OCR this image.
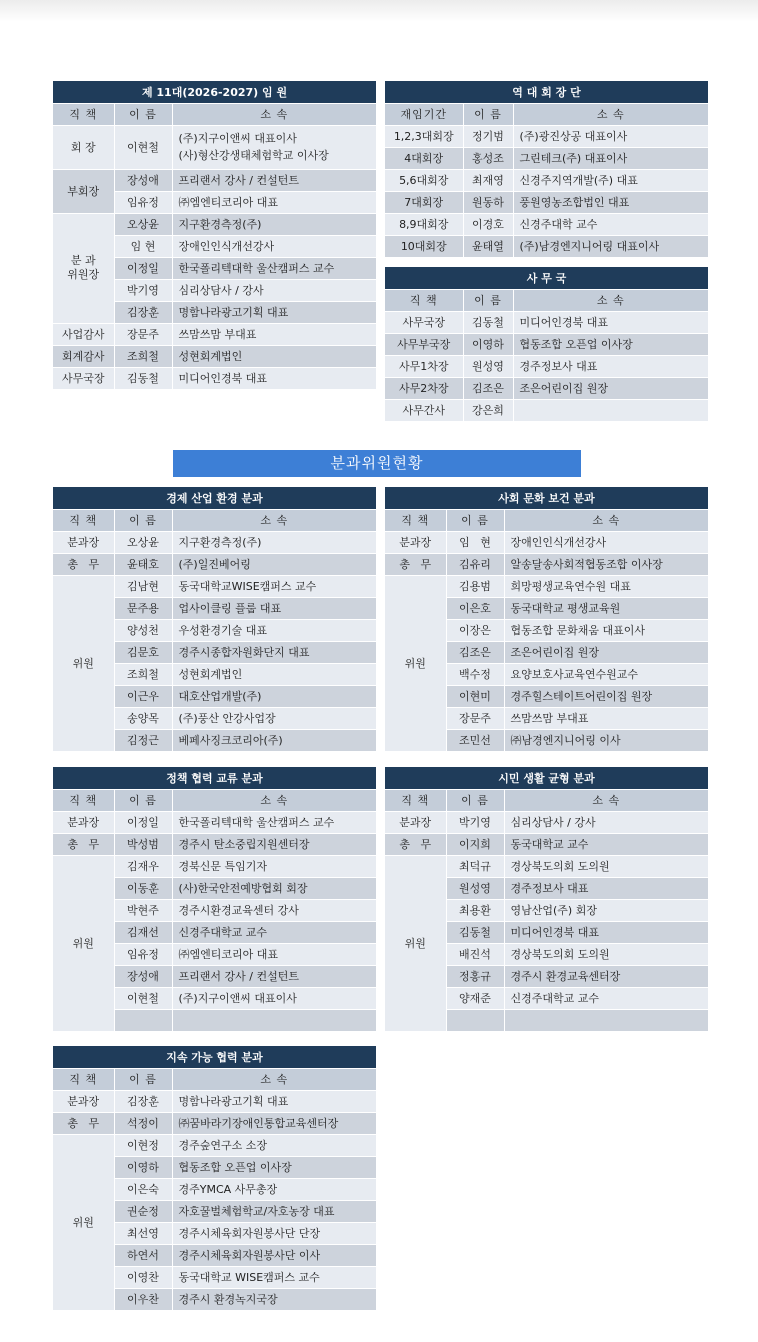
제 11대(2026-2027) 임 원		
직 책	이 름	소 속
회 장	이현철	(주)지구이앤씨 대표이사
(사)형산강생태체험학교 이사장

부회장	장성애	프리랜서 강사 / 컨설턴트
	임유정	㈜엠엔티코리아 대표
분 과
위원장	오상윤	지구환경측정(주)
	임 현	장애인인식개선강사
	이정일	한국폴리텍대학 울산캠퍼스 교수
	박기영	심리상담사 / 강사
	김장훈	명함나라광고기획 대표
사업감사	장문주	쓰맘쓰맘 부대표
회계감사	조희철	성현회계법인
사무국장	김동철	미디어인경북 대표
역 대 회 장 단		
재임기간	이 름	소 속
1,2,3대회장	정기범	(주)광진상공 대표이사
4대회장	홍성조	그린테크(주) 대표이사
5,6대회장	최재영	신경주지역개발(주) 대표
7대회장	원동하	풍원영농조합법인 대표
8,9대회장	이경호	신경주대학 교수
10대회장	윤태열	(주)남경엔지니어링 대표이사
사 무 국		
직 책	이 름	소 속
사무국장	김동철	미디어인경북 대표
사무부국장	이영하	협동조합 오픈업 이사장
사무1차장	원성영	경주정보사 대표
사무2차장	김조은	조은어린이집 원장
사무간사	강은희	
분과위원현황
경제 산업 환경 분과		
직 책	이 름	소 속
분과장	오상윤	지구환경측정(주)
총   무	윤태호	(주)일진베어링
위원	김남현	동국대학교WISE캠퍼스 교수
	문주용	업사이클링 플룹 대표
	양성천	우성환경기술 대표
	김문호	경주시종합자원화단지 대표
	조희철	성현회계법인
	이근우	대호산업개발(주)
	송양목	(주)풍산 안강사업장
	김정근	베페사징크코리아(주)
사회 문화 보건 분과		
직 책	이 름	소 속
분과장	임   현	장애인인식개선강사
총   무	김유리	알송달송사회적협동조합 이사장
위원	김용범	희망평생교육연수원 대표
	이은호	동국대학교 평생교육원
	이장은	협동조합 문화채움 대표이사
	김조은	조은어린이집 원장
	백수정	요양보호사교육연수원교수
	이현미	경주힐스테이트어린이집 원장
	장문주	쓰맘쓰맘 부대표
	조민선	㈜남경엔지니어링 이사
정책 협력 교류 분과		
직 책	이 름	소 속
분과장	이정일	한국폴리텍대학 울산캠퍼스 교수
총   무	박성범	경주시 탄소중립지원센터장
위원	김재우	경북신문 특임기자
	이동훈	(사)한국안전예방협회 회장
	박현주	경주시환경교육센터 강사
	김재선	신경주대학교 교수
	임유정	㈜엠엔티코리아 대표
	장성애	프리랜서 강사 / 컨설턴트
	이현철	(주)지구이앤씨 대표이사

시민 생활 균형 분과		
직 책	이 름	소 속
분과장	박기영	심리상담사 / 강사
총   무	이지희	동국대학교 교수
위원	최덕규	경상북도의회 도의원
	원성영	경주정보사 대표
	최용환	영남산업(주) 회장
	김동철	미디어인경북 대표
	배진석	경상북도의회 도의원
	정홍규	경주시 환경교육센터장
	양재준	신경주대학교 교수

지속 가능 협력 분과		
직 책	이 름	소 속
분과장	김장훈	명함나라광고기획 대표
총   무	석정이	㈜꿈바라기장애인통합교육센터장
위원	이현정	경주숲연구소 소장
	이영하	협동조합 오픈업 이사장
	이은숙	경주YMCA 사무총장
	권순정	자호꿀벌체험학교/자호농장 대표
	최선영	경주시체육회자원봉사단 단장
	하연서	경주시체육회자원봉사단 이사
	이영찬	동국대학교 WISE캠퍼스 교수
	이우찬	경주시 환경녹지국장
